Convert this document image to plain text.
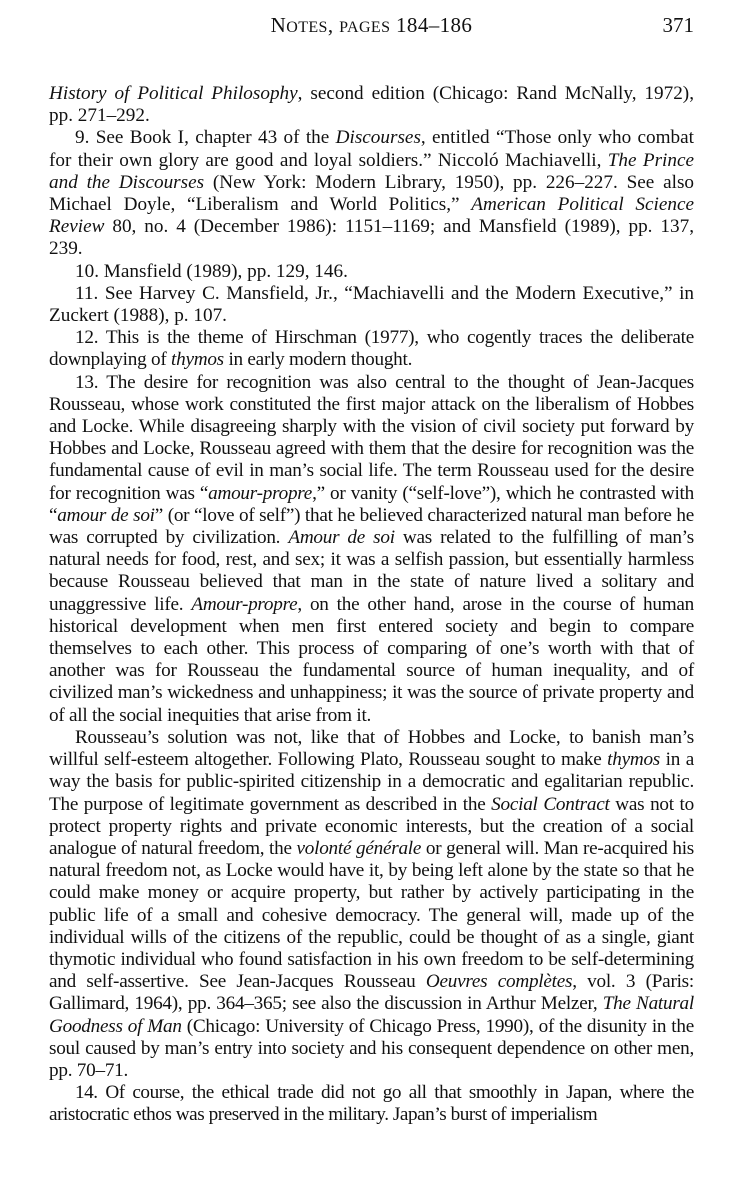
NOTES, PAGES 184–186	371

History of Political Philosophy, second edition (Chicago: Rand McNally, 1972), pp. 271–292.

9. See Book I, chapter 43 of the Discourses, entitled “Those only who combat for their own glory are good and loyal soldiers.” Niccoló Machiavelli, The Prince and the Discourses (New York: Modern Library, 1950), pp. 226–227. See also Michael Doyle, “Liberalism and World Politics,” American Political Science Review 80, no. 4 (December 1986): 1151–1169; and Mansfield (1989), pp. 137, 239.

10. Mansfield (1989), pp. 129, 146.

11. See Harvey C. Mansfield, Jr., “Machiavelli and the Modern Executive,” in Zuckert (1988), p. 107.

12. This is the theme of Hirschman (1977), who cogently traces the deliberate downplaying of thymos in early modern thought.

13. The desire for recognition was also central to the thought of Jean-Jacques Rousseau, whose work constituted the first major attack on the liberalism of Hobbes and Locke. While disagreeing sharply with the vision of civil society put forward by Hobbes and Locke, Rousseau agreed with them that the desire for recognition was the fundamental cause of evil in man’s social life. The term Rousseau used for the desire for recognition was “amour-propre,” or vanity (“self-love”), which he contrasted with “amour de soi” (or “love of self”) that he believed characterized natural man before he was corrupted by civilization. Amour de soi was related to the fulfilling of man’s natural needs for food, rest, and sex; it was a selfish passion, but essentially harmless because Rousseau believed that man in the state of nature lived a solitary and unaggressive life. Amour-propre, on the other hand, arose in the course of human historical development when men first entered society and begin to compare themselves to each other. This process of comparing of one’s worth with that of another was for Rousseau the fundamental source of human inequality, and of civilized man’s wickedness and unhappiness; it was the source of private property and of all the social inequities that arise from it.

Rousseau’s solution was not, like that of Hobbes and Locke, to banish man’s willful self-esteem altogether. Following Plato, Rousseau sought to make thymos in a way the basis for public-spirited citizenship in a democratic and egalitarian republic. The purpose of legitimate government as described in the Social Contract was not to protect property rights and private economic interests, but the creation of a social analogue of natural freedom, the volonté générale or general will. Man re-acquired his natural freedom not, as Locke would have it, by being left alone by the state so that he could make money or acquire property, but rather by actively participating in the public life of a small and cohesive democracy. The general will, made up of the individual wills of the citizens of the republic, could be thought of as a single, giant thymotic individual who found satisfaction in his own freedom to be self-determining and self-assertive. See Jean-Jacques Rousseau Oeuvres complètes, vol. 3 (Paris: Gallimard, 1964), pp. 364–365; see also the discussion in Arthur Melzer, The Natural Goodness of Man (Chicago: University of Chicago Press, 1990), of the disunity in the soul caused by man’s entry into society and his consequent dependence on other men, pp. 70–71.

14. Of course, the ethical trade did not go all that smoothly in Japan, where the aristocratic ethos was preserved in the military. Japan’s burst of imperialism
